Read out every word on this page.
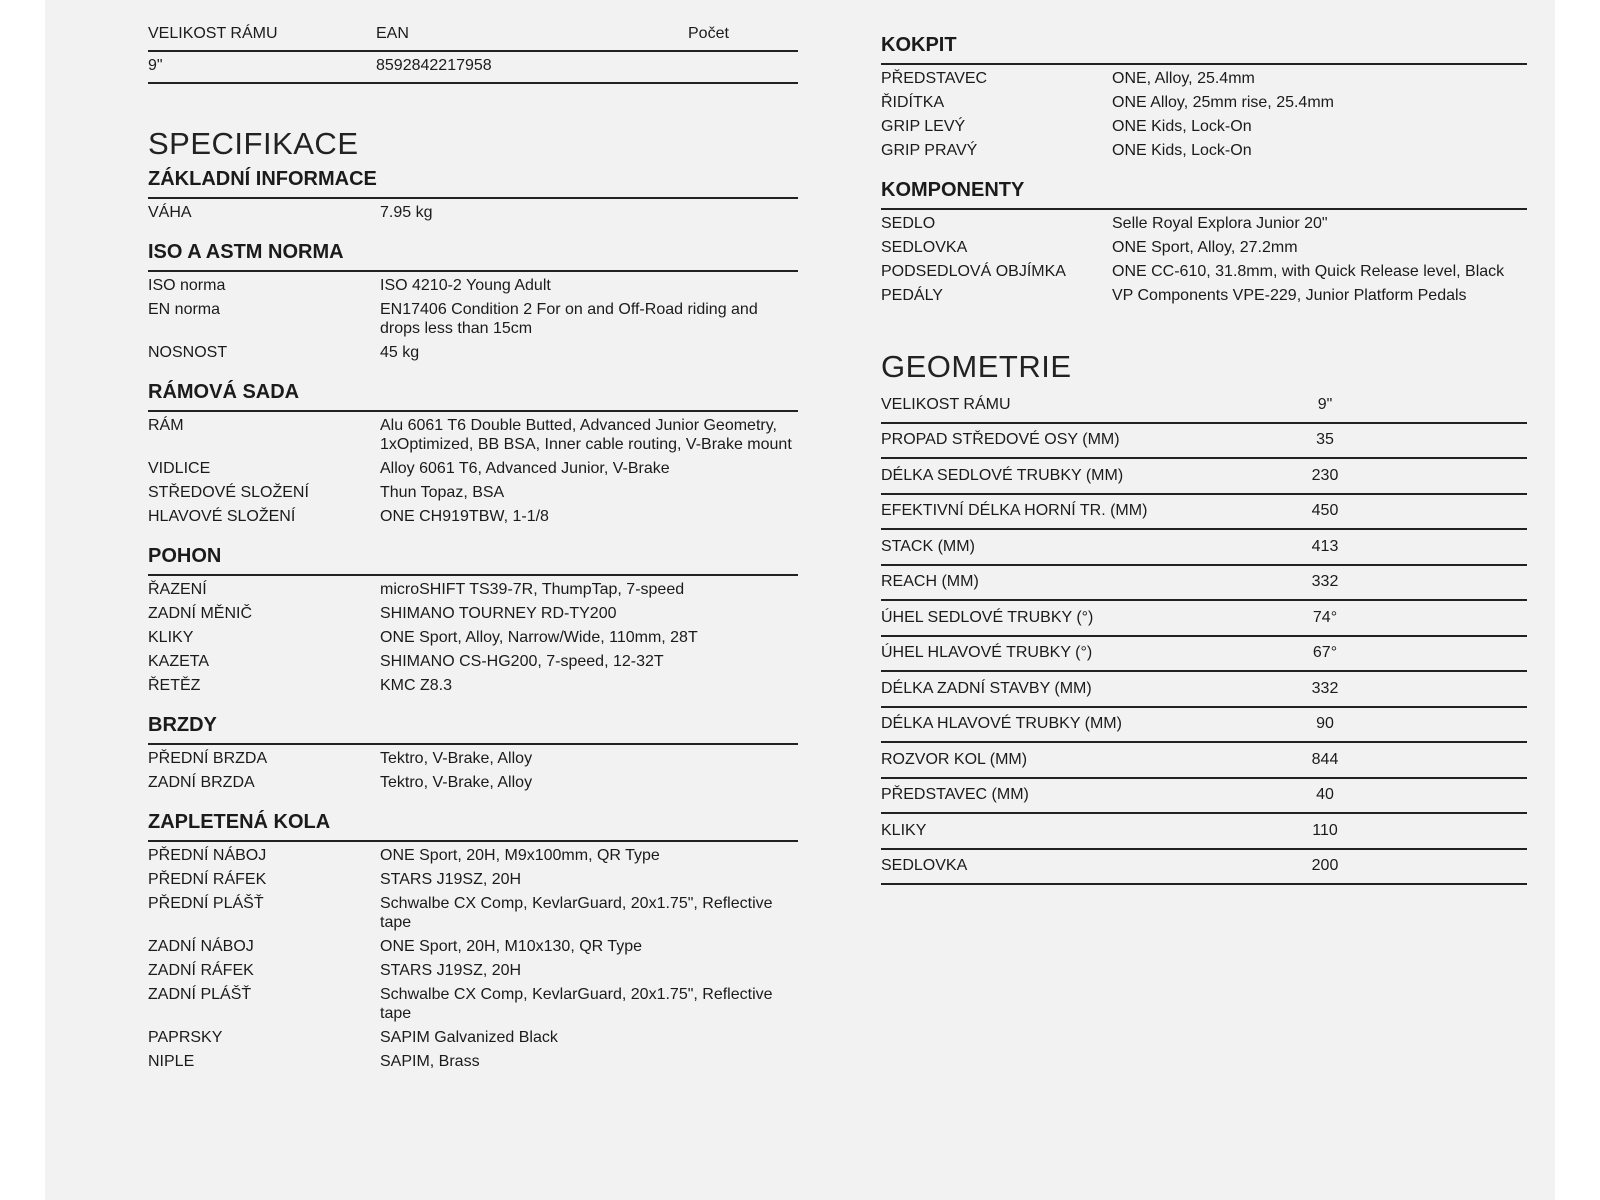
VELIKOST RÁMU	EAN	Počet
9"	8592842217958
SPECIFIKACE
ZÁKLADNÍ INFORMACE
VÁHA	7.95 kg
ISO A ASTM NORMA
ISO norma	ISO 4210-2 Young Adult
EN norma	EN17406 Condition 2 For on and Off-Road riding and drops less than 15cm
NOSNOST	45 kg
RÁMOVÁ SADA
RÁM	Alu 6061 T6 Double Butted, Advanced Junior Geometry, 1xOptimized, BB BSA, Inner cable routing, V-Brake mount
VIDLICE	Alloy 6061 T6, Advanced Junior, V-Brake
STŘEDOVÉ SLOŽENÍ	Thun Topaz, BSA
HLAVOVÉ SLOŽENÍ	ONE CH919TBW, 1-1/8
POHON
ŘAZENÍ	microSHIFT TS39-7R, ThumpTap, 7-speed
ZADNÍ MĚNIČ	SHIMANO TOURNEY RD-TY200
KLIKY	ONE Sport, Alloy, Narrow/Wide, 110mm, 28T
KAZETA	SHIMANO CS-HG200, 7-speed, 12-32T
ŘETĚZ	KMC Z8.3
BRZDY
PŘEDNÍ BRZDA	Tektro, V-Brake, Alloy
ZADNÍ BRZDA	Tektro, V-Brake, Alloy
ZAPLETENÁ KOLA
PŘEDNÍ NÁBOJ	ONE Sport, 20H, M9x100mm, QR Type
PŘEDNÍ RÁFEK	STARS J19SZ, 20H
PŘEDNÍ PLÁŠŤ	Schwalbe CX Comp, KevlarGuard, 20x1.75", Reflective tape
ZADNÍ NÁBOJ	ONE Sport, 20H, M10x130, QR Type
ZADNÍ RÁFEK	STARS J19SZ, 20H
ZADNÍ PLÁŠŤ	Schwalbe CX Comp, KevlarGuard, 20x1.75", Reflective tape
PAPRSKY	SAPIM Galvanized Black
NIPLE	SAPIM, Brass
KOKPIT
PŘEDSTAVEC	ONE, Alloy, 25.4mm
ŘIDÍTKA	ONE Alloy, 25mm rise, 25.4mm
GRIP LEVÝ	ONE Kids, Lock-On
GRIP PRAVÝ	ONE Kids, Lock-On
KOMPONENTY
SEDLO	Selle Royal Explora Junior 20"
SEDLOVKA	ONE Sport, Alloy, 27.2mm
PODSEDLOVÁ OBJÍMKA	ONE CC-610, 31.8mm, with Quick Release level, Black
PEDÁLY	VP Components VPE-229, Junior Platform Pedals
GEOMETRIE
VELIKOST RÁMU	9"
PROPAD STŘEDOVÉ OSY (MM)	35
DÉLKA SEDLOVÉ TRUBKY (MM)	230
EFEKTIVNÍ DÉLKA HORNÍ TR. (MM)	450
STACK (MM)	413
REACH (MM)	332
ÚHEL SEDLOVÉ TRUBKY (°)	74°
ÚHEL HLAVOVÉ TRUBKY (°)	67°
DÉLKA ZADNÍ STAVBY (MM)	332
DÉLKA HLAVOVÉ TRUBKY (MM)	90
ROZVOR KOL (MM)	844
PŘEDSTAVEC (MM)	40
KLIKY	110
SEDLOVKA	200
